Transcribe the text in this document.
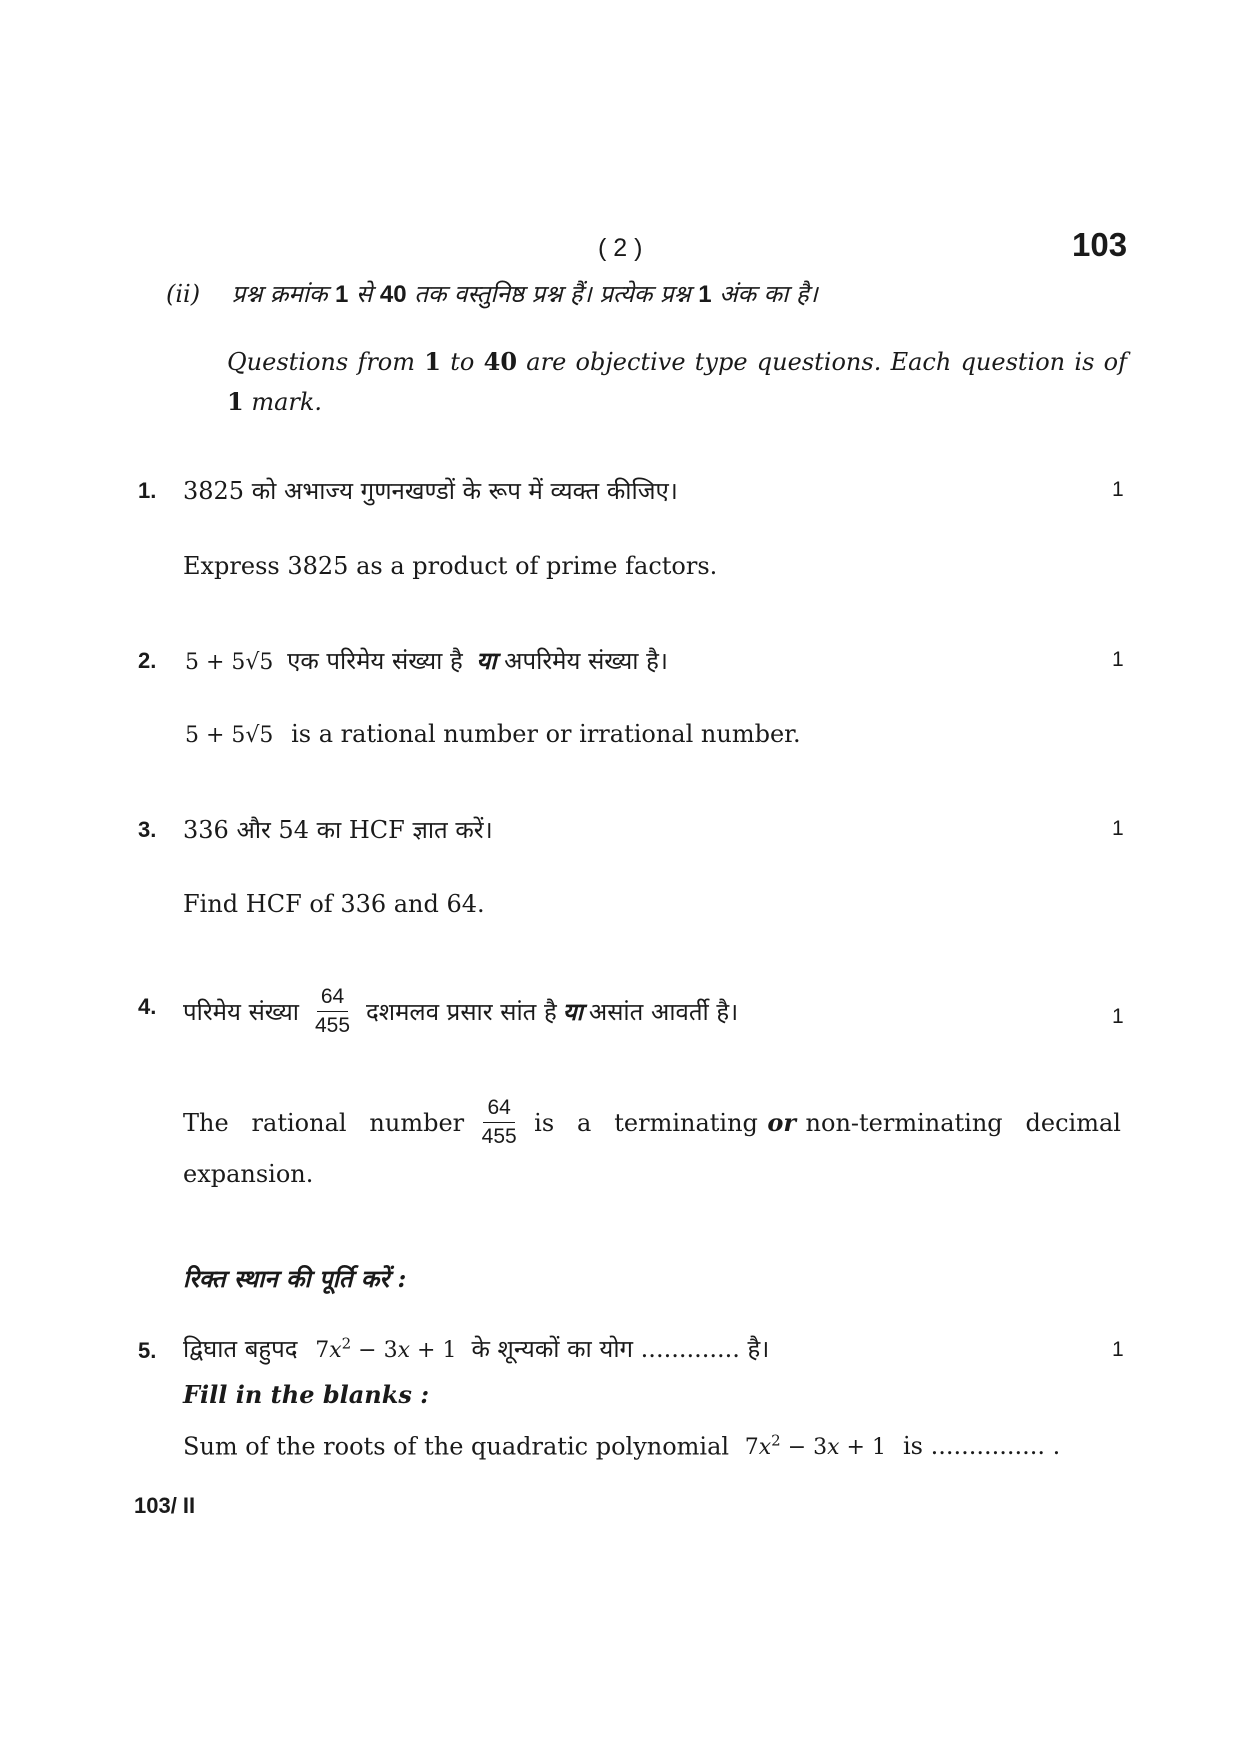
( 2 )	103
(ii) प्रश्न क्रमांक 1 से 40 तक वस्तुनिष्ठ प्रश्न हैं। प्रत्येक प्रश्न 1 अंक का है।
Questions from 1 to 40 are objective type questions. Each question is of 1 mark.
1. 3825 को अभाज्य गुणनखण्डों के रूप में व्यक्त कीजिए।	1
Express 3825 as a product of prime factors.
2. 5 + 5√5 एक परिमेय संख्या है या अपरिमेय संख्या है।	1
5 + 5√5 is a rational number or irrational number.
3. 336 और 54 का HCF ज्ञात करें।	1
Find HCF of 336 and 64.
4. परिमेय संख्या $\frac{64}{455}$ दशमलव प्रसार सांत है या असांत आवर्ती है।	1
The   rational   number $\frac{64}{455}$ is   a   terminating or non-terminating   decimal
expansion.
रिक्त स्थान की पूर्ति करें :
5. द्विघात बहुपद $7x^2 - 3x + 1$ के शून्यकों का योग ............. है।	1
Fill in the blanks :
Sum of the roots of the quadratic polynomial $7x^2 - 3x + 1$ is ............... .
103/ II
